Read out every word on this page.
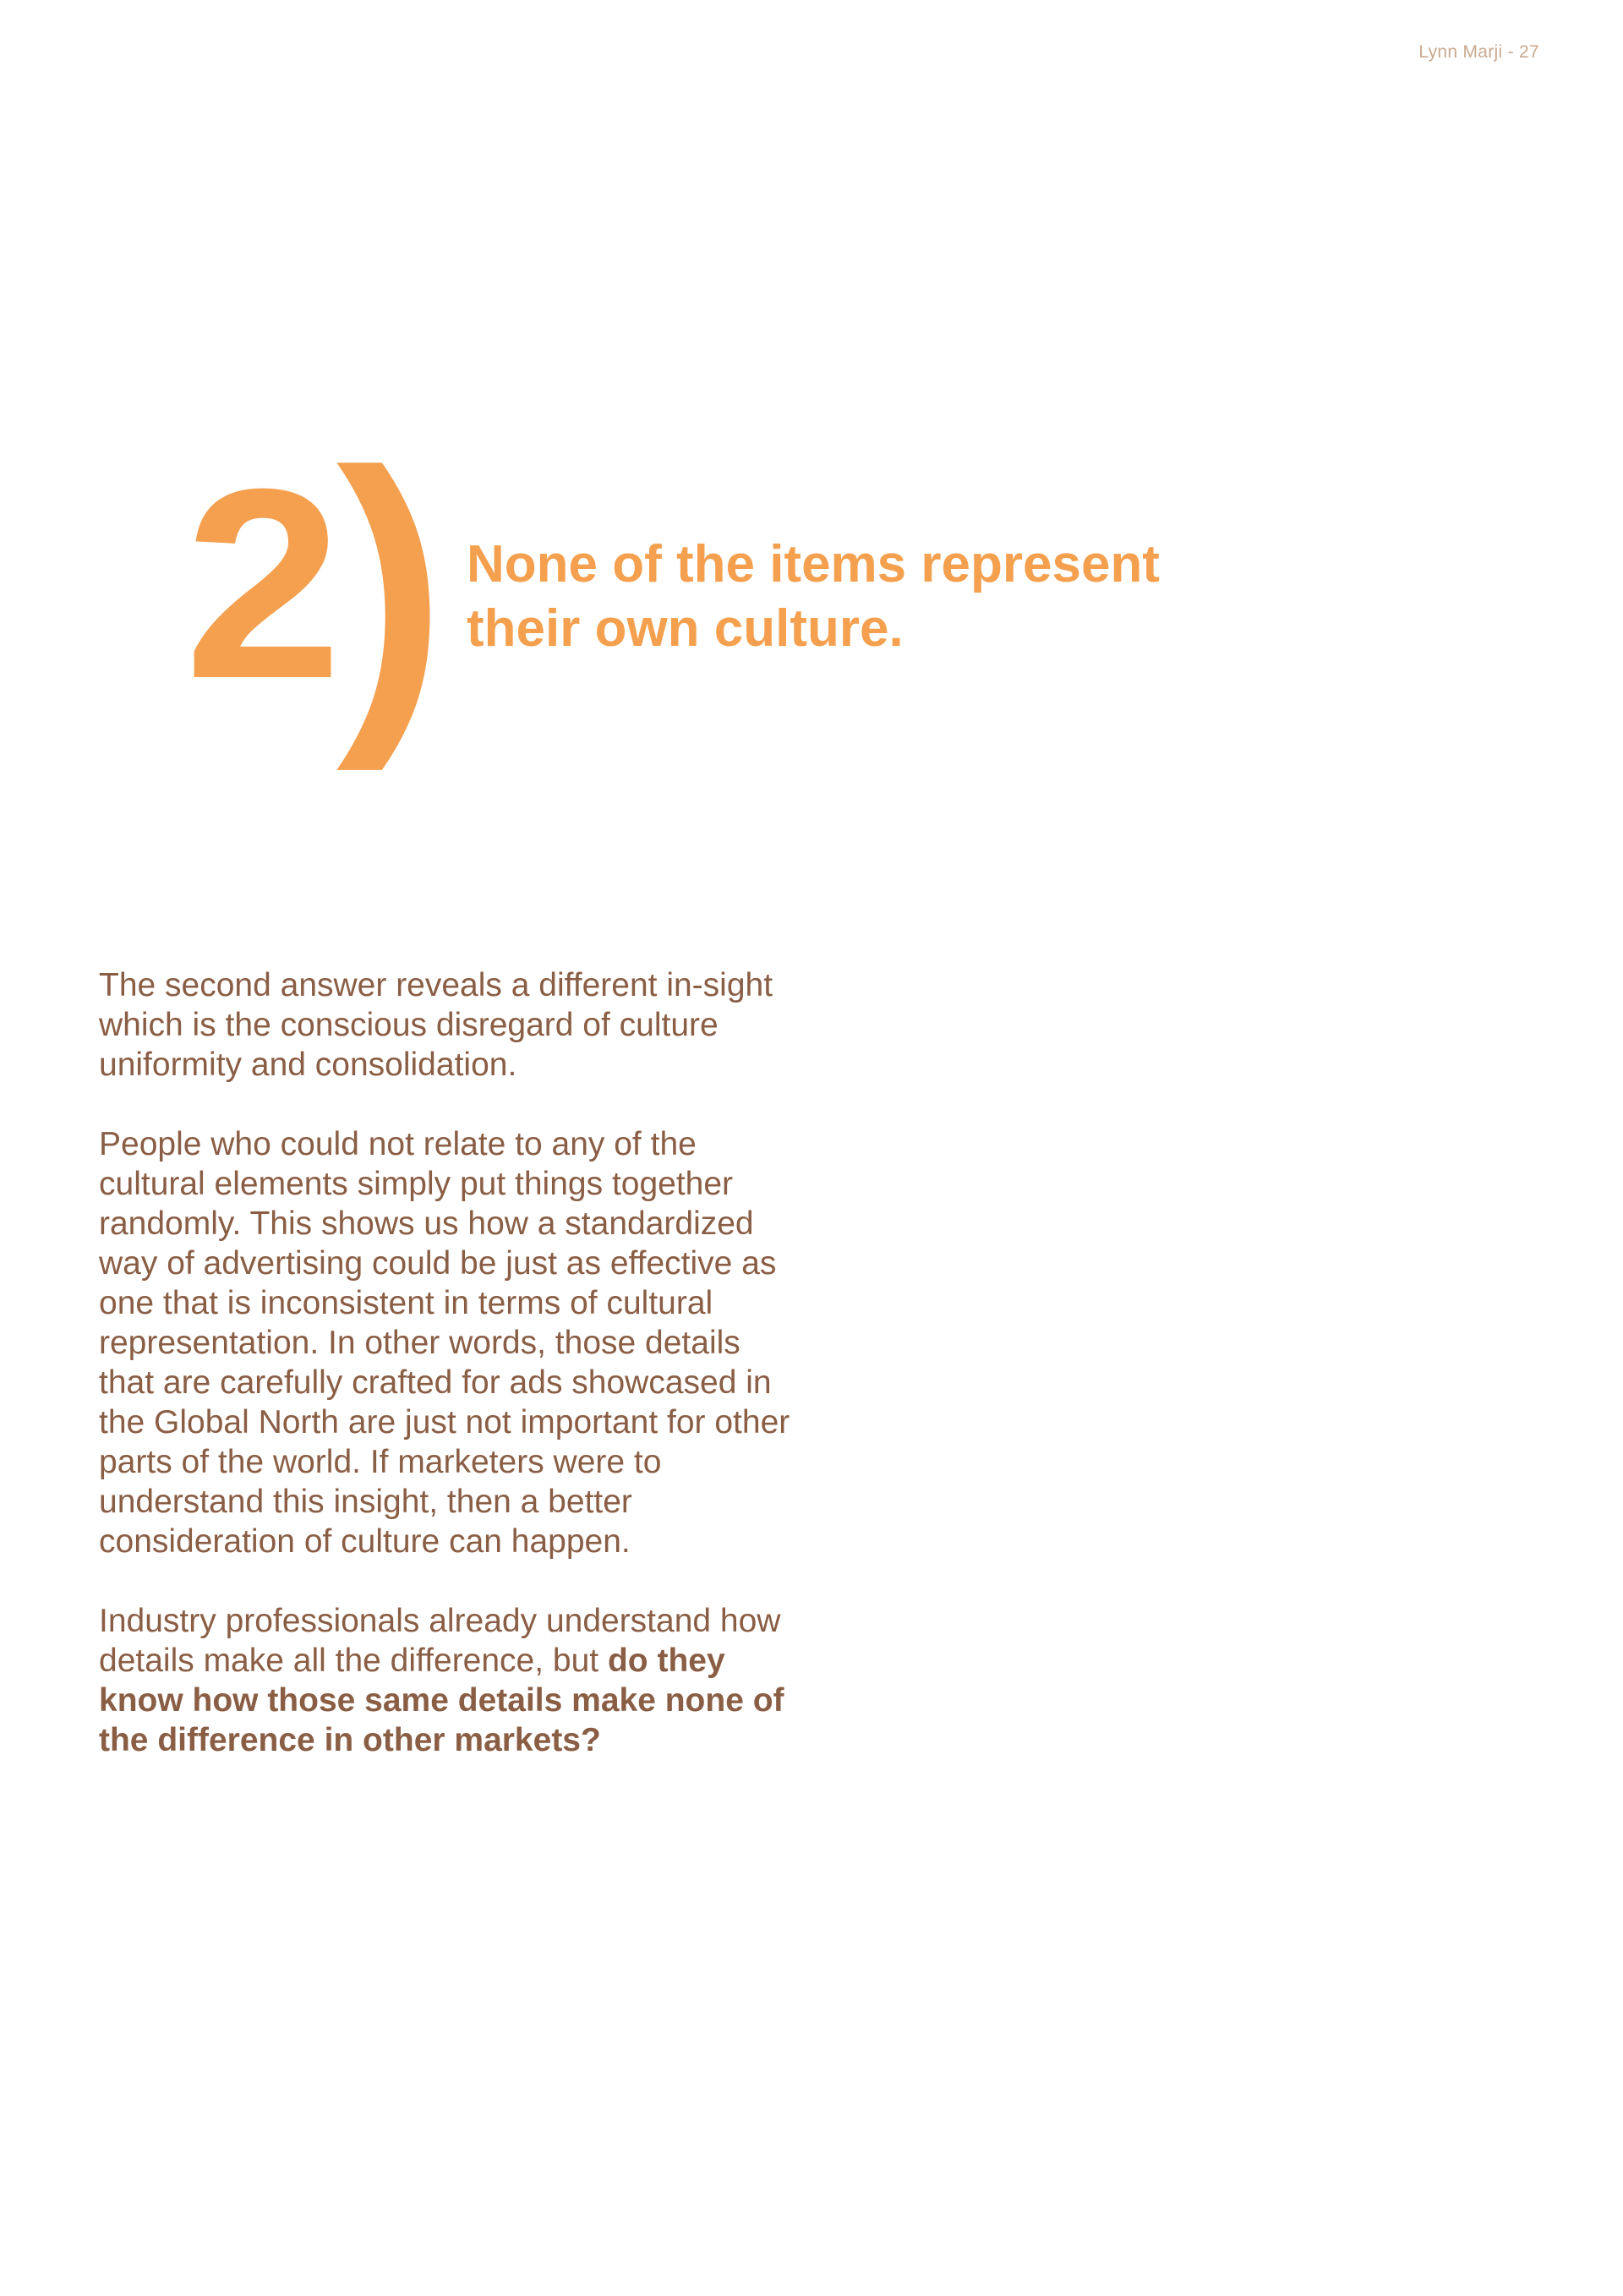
Lynn Marji - 27
2 ) None of the items represent
their own culture.

The second answer reveals a different in-sight which is the conscious disregard of culture uniformity and consolidation.

People who could not relate to any of the cultural elements simply put things together randomly. This shows us how a standardized way of advertising could be just as effective as one that is inconsistent in terms of cultural representation. In other words, those details that are carefully crafted for ads showcased in the Global North are just not important for other parts of the world. If marketers were to understand this insight, then a better consideration of culture can happen.

Industry professionals already understand how details make all the difference, but do they know how those same details make none of the difference in other markets?
